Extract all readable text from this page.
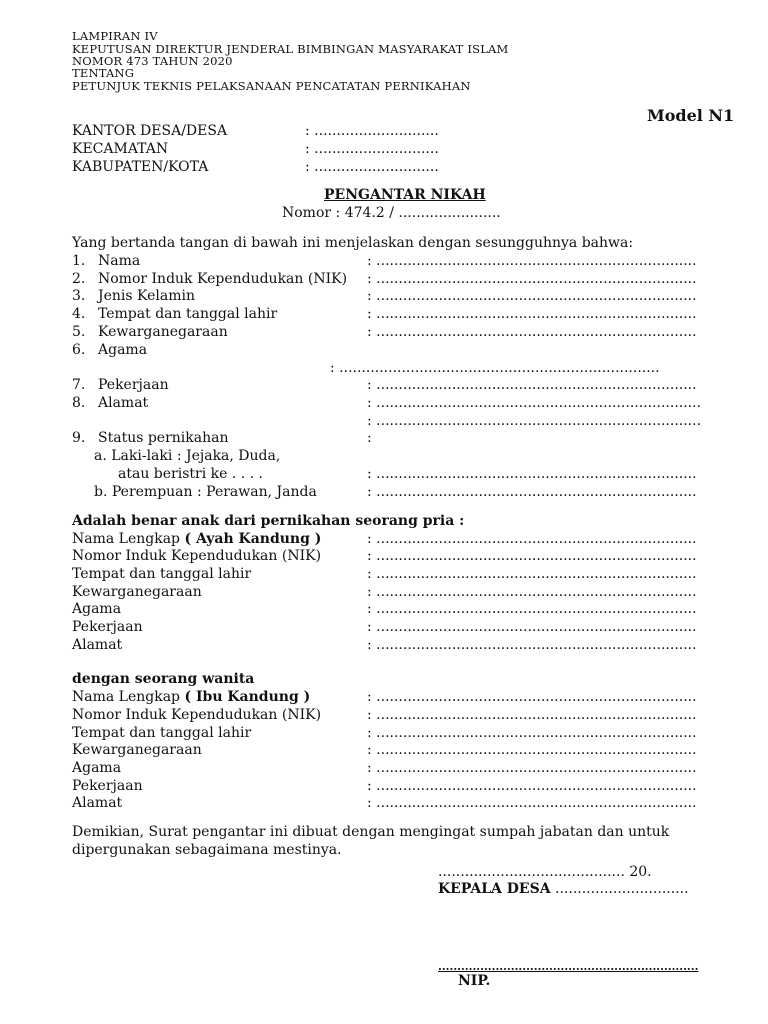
LAMPIRAN IV
KEPUTUSAN DIREKTUR JENDERAL BIMBINGAN MASYARAKAT ISLAM
NOMOR 473 TAHUN 2020
TENTANG
PETUNJUK TEKNIS PELAKSANAAN PENCATATAN PERNIKAHAN
Model N1
KANTOR DESA/DESA	: ............................
KECAMATAN	: ............................
KABUPATEN/KOTA	: ............................
PENGANTAR NIKAH
Nomor : 474.2 / .......................
Yang bertanda tangan di bawah ini menjelaskan dengan sesungguhnya bahwa:
1. Nama	: ........................................................................
2. Nomor Induk Kependudukan (NIK) : ........................................................................
3. Jenis Kelamin	: ........................................................................
4. Tempat dan tanggal lahir	: ........................................................................
5. Kewarganegaraan	: ........................................................................
6. Agama
: ........................................................................
7. Pekerjaan	: ........................................................................
8. Alamat	: .........................................................................
: .........................................................................
9. Status pernikahan	:
a. Laki-laki : Jejaka, Duda,
atau beristri ke . . . .	: ........................................................................
b. Perempuan : Perawan, Janda	: ........................................................................
Adalah benar anak dari pernikahan seorang pria :
Nama Lengkap ( Ayah Kandung )	: ........................................................................
Nomor Induk Kependudukan (NIK)	: ........................................................................
Tempat dan tanggal lahir	: ........................................................................
Kewarganegaraan	: ........................................................................
Agama	: ........................................................................
Pekerjaan	: ........................................................................
Alamat	: ........................................................................
dengan seorang wanita
Nama Lengkap ( Ibu Kandung )	: ........................................................................
Nomor Induk Kependudukan (NIK)	: ........................................................................
Tempat dan tanggal lahir	: ........................................................................
Kewarganegaraan	: ........................................................................
Agama	: ........................................................................
Pekerjaan	: ........................................................................
Alamat	: ........................................................................
Demikian, Surat pengantar ini dibuat dengan mengingat sumpah jabatan dan untuk
dipergunakan sebagaimana mestinya.
.......................................... 20.
KEPALA DESA ..............................
....................................................................
NIP.
